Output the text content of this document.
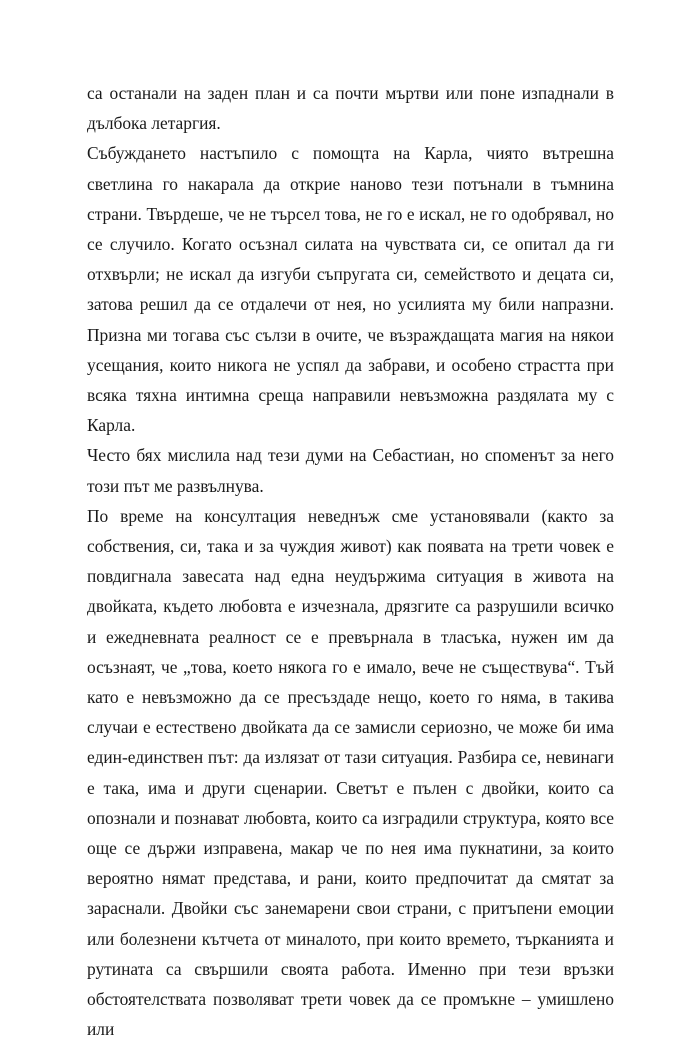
са останали на заден план и са почти мъртви или поне изпаднали в дълбока летаргия.

Събуждането настъпило с помощта на Карла, чиято вътрешна светлина го накарала да открие наново тези потънали в тъмнина страни. Твърдеше, че не търсел това, не го е искал, не го одобрявал, но се случило. Когато осъзнал силата на чувствата си, се опитал да ги отхвърли; не искал да изгуби съпругата си, семейството и децата си, затова решил да се отдалечи от нея, но усилията му били напразни. Призна ми тогава със сълзи в очите, че възраждащата магия на някои усещания, които никога не успял да забрави, и особено страстта при всяка тяхна интимна среща направили невъзможна раздялата му с Карла.

Често бях мислила над тези думи на Себастиан, но споменът за него този път ме развълнува.

По време на консултация неведнъж сме установявали (както за собствения, си, така и за чуждия живот) как появата на трети човек е повдигнала завесата над една неудържима ситуация в живота на двойката, където любовта е изчезнала, дрязгите са разрушили всичко и ежедневната реалност се е превърнала в тласъка, нужен им да осъзнаят, че „това, което някога го е имало, вече не съществува“. Тъй като е невъзможно да се пресъздаде нещо, което го няма, в такива случаи е естествено двойката да се замисли сериозно, че може би има един-единствен път: да излязат от тази ситуация. Разбира се, невинаги е така, има и други сценарии. Светът е пълен с двойки, които са опознали и познават любовта, които са изградили структура, която все още се държи изправена, макар че по нея има пукнатини, за които вероятно нямат представа, и рани, които предпочитат да смятат за зараснали. Двойки със занемарени свои страни, с притъпени емоции или болезнени кътчета от миналото, при които времето, търканията и рутината са свършили своята работа. Именно при тези връзки обстоятелствата позволяват трети човек да се промъкне – умишлено или
